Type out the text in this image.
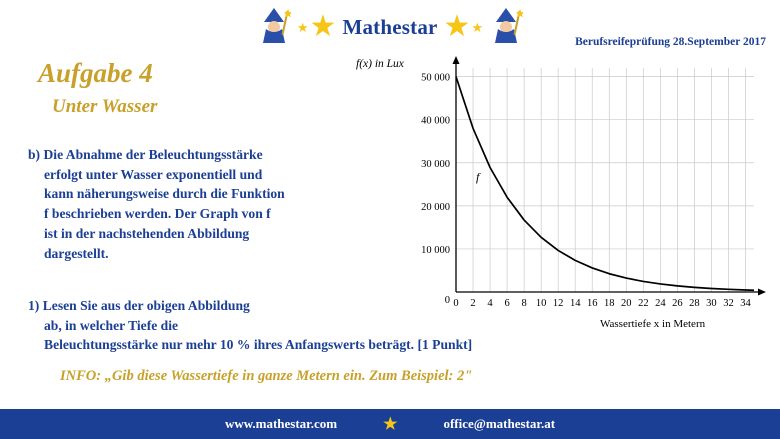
★ ★ Mathestar ★ ★
Berufsreifeprüfung 28.September 2017
Aufgabe 4
Unter Wasser
b) Die Abnahme der Beleuchtungsstärke
erfolgt unter Wasser exponentiell und
kann näherungsweise durch die Funktion
f beschrieben werden. Der Graph von f
ist in der nachstehenden Abbildung
dargestellt.
1) Lesen Sie aus der obigen Abbildung
ab, in welcher Tiefe die
Beleuchtungsstärke nur mehr 10 % ihres Anfangswerts beträgt. [1 Punkt]
INFO: „Gib diese Wassertiefe in ganze Metern ein. Zum Beispiel: 2"
f(x) in Lux
Wassertiefe x in Metern
f
0 2 4 6 8 10 12 14 16 18 20 22 24 26 28 30 32 34
0
10 000
20 000
30 000
40 000
50 000
www.mathestar.com	★	office@mathestar.at
